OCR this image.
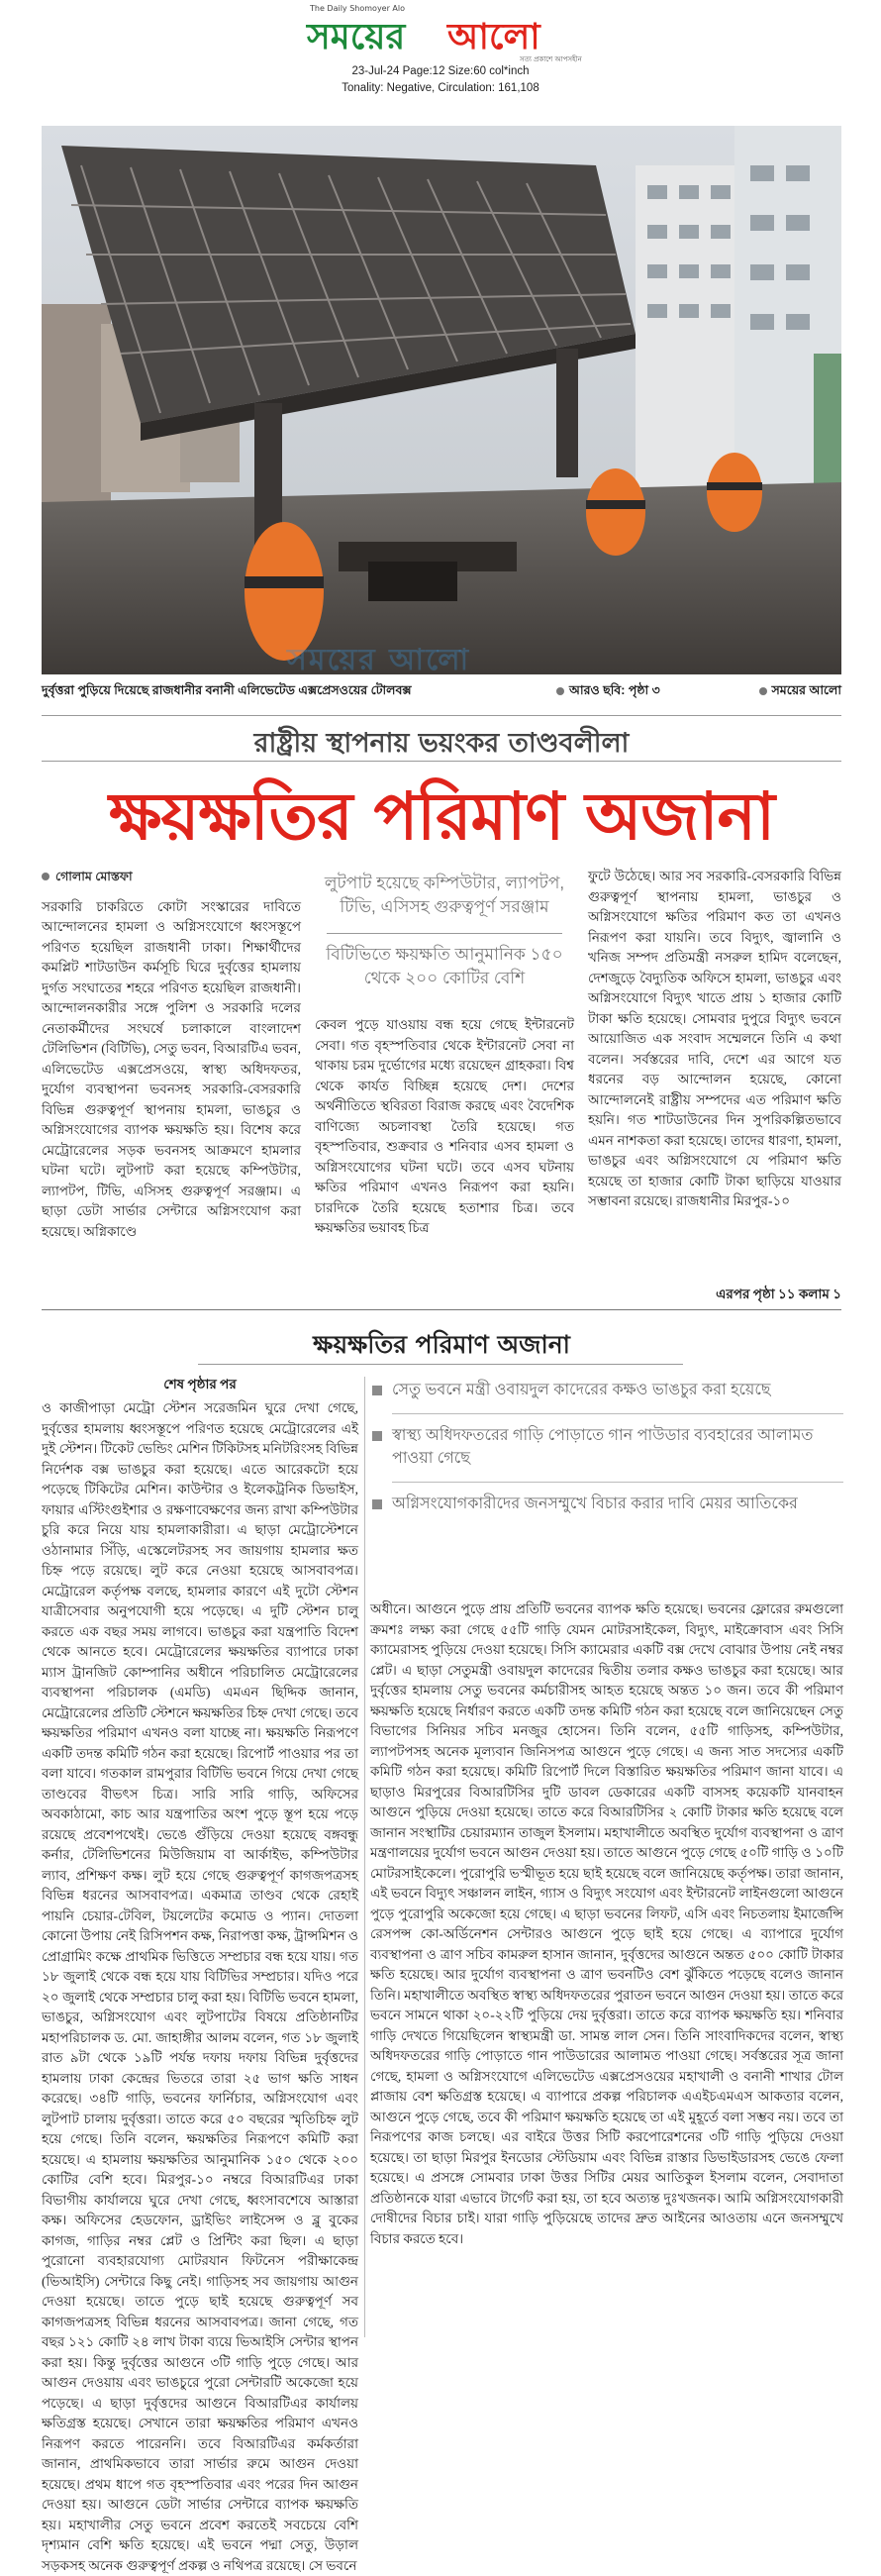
The Daily Shomoyer Alo
সময়ের আলো
সত্য প্রকাশে আপসহীন
23-Jul-24 Page:12 Size:60 col*inch
Tonality: Negative, Circulation: 161,108
সময়ের আলো
দুর্বৃত্তরা পুড়িয়ে দিয়েছে রাজধানীর বনানী এলিভেটেড এক্সপ্রেসওয়ের টোলবক্স	আরও ছবি: পৃষ্ঠা ৩	সময়ের আলো
রাষ্ট্রীয় স্থাপনায় ভয়ংকর তাণ্ডবলীলা
ক্ষয়ক্ষতির পরিমাণ অজানা
গোলাম মোস্তফা
সরকারি চাকরিতে কোটা সংস্কারের দাবিতে আন্দোলনের হামলা ও অগ্নিসংযোগে ধ্বংসস্তূপে পরিণত হয়েছিল রাজধানী ঢাকা। শিক্ষার্থীদের কমপ্লিট শাটডাউন কর্মসূচি ঘিরে দুর্বৃত্তের হামলায় দুর্গত সংঘাতের শহরে পরিণত হয়েছিল রাজধানী। আন্দোলনকারীর সঙ্গে পুলিশ ও সরকারি দলের নেতাকর্মীদের সংঘর্ষে চলাকালে বাংলাদেশ টেলিভিশন (বিটিভি), সেতু ভবন, বিআরটিএ ভবন, এলিভেটেড এক্সপ্রেসওয়ে, স্বাস্থ্য অধিদফতর, দুর্যোগ ব্যবস্থাপনা ভবনসহ সরকারি-বেসরকারি বিভিন্ন গুরুত্বপূর্ণ স্থাপনায় হামলা, ভাঙচুর ও অগ্নিসংযোগের ব্যাপক ক্ষয়ক্ষতি হয়। বিশেষ করে মেট্রোরেলের সড়ক ভবনসহ আক্রমণে হামলার ঘটনা ঘটে। লুটপাট করা হয়েছে কম্পিউটার, ল্যাপটপ, টিভি, এসিসহ গুরুত্বপূর্ণ সরঞ্জাম। এ ছাড়া ডেটা সার্ভার সেন্টারে অগ্নিসংযোগ করা হয়েছে। অগ্নিকাণ্ডে
লুটপাট হয়েছে কম্পিউটার, ল্যাপটপ, টিভি, এসিসহ গুরুত্বপূর্ণ সরঞ্জাম
বিটিভিতে ক্ষয়ক্ষতি আনুমানিক ১৫০ থেকে ২০০ কোটির বেশি
কেবল পুড়ে যাওয়ায় বন্ধ হয়ে গেছে ইন্টারনেট সেবা। গত বৃহস্পতিবার থেকে ইন্টারনেট সেবা না থাকায় চরম দুর্ভোগের মধ্যে রয়েছেন গ্রাহকরা। বিশ্ব থেকে কার্যত বিচ্ছিন্ন হয়েছে দেশ। দেশের অর্থনীতিতে স্থবিরতা বিরাজ করছে এবং বৈদেশিক বাণিজ্যে অচলাবস্থা তৈরি হয়েছে। গত বৃহস্পতিবার, শুক্রবার ও শনিবার এসব হামলা ও অগ্নিসংযোগের ঘটনা ঘটে। তবে এসব ঘটনায় ক্ষতির পরিমাণ এখনও নিরূপণ করা হয়নি। চারদিকে তৈরি হয়েছে হতাশার চিত্র। তবে ক্ষয়ক্ষতির ভয়াবহ চিত্র
ফুটে উঠেছে। আর সব সরকারি-বেসরকারি বিভিন্ন গুরুত্বপূর্ণ স্থাপনায় হামলা, ভাঙচুর ও অগ্নিসংযোগে ক্ষতির পরিমাণ কত তা এখনও নিরূপণ করা যায়নি। তবে বিদ্যুৎ, জ্বালানি ও খনিজ সম্পদ প্রতিমন্ত্রী নসরুল হামিদ বলেছেন, দেশজুড়ে বৈদ্যুতিক অফিসে হামলা, ভাঙচুর এবং অগ্নিসংযোগে বিদ্যুৎ খাতে প্রায় ১ হাজার কোটি টাকা ক্ষতি হয়েছে। সোমবার দুপুরে বিদ্যুৎ ভবনে আয়োজিত এক সংবাদ সম্মেলনে তিনি এ কথা বলেন। সর্বস্তরের দাবি, দেশে এর আগে যত ধরনের বড় আন্দোলন হয়েছে, কোনো আন্দোলনেই রাষ্ট্রীয় সম্পদের এত পরিমাণ ক্ষতি হয়নি। গত শাটডাউনের দিন সুপরিকল্পিতভাবে এমন নাশকতা করা হয়েছে। তাদের ধারণা, হামলা, ভাঙচুর এবং অগ্নিসংযোগে যে পরিমাণ ক্ষতি হয়েছে তা হাজার কোটি টাকা ছাড়িয়ে যাওয়ার সম্ভাবনা রয়েছে। রাজধানীর মিরপুর-১০
এরপর পৃষ্ঠা ১১ কলাম ১
ক্ষয়ক্ষতির পরিমাণ অজানা
শেষ পৃষ্ঠার পর
ও কাজীপাড়া মেট্রো স্টেশন সরেজমিন ঘুরে দেখা গেছে, দুর্বৃত্তের হামলায় ধ্বংসস্তূপে পরিণত হয়েছে মেট্রোরেলের এই দুই স্টেশন। টিকেট ভেন্ডিং মেশিন টিকিটসহ মনিটরিংসহ বিভিন্ন নির্দেশক বক্স ভাঙচুর করা হয়েছে। এতে আরেকটো হয়ে পড়েছে টিকিটের মেশিন। কাউন্টার ও ইলেকট্রনিক ডিভাইস, ফায়ার এস্টিংগুইশার ও রক্ষণাবেক্ষণের জন্য রাখা কম্পিউটার চুরি করে নিয়ে যায় হামলাকারীরা। এ ছাড়া মেট্রোস্টেশনে ওঠানামার সিঁড়ি, এস্কেলেটরসহ সব জায়গায় হামলার ক্ষত চিহ্ন পড়ে রয়েছে। লুট করে নেওয়া হয়েছে আসবাবপত্র। মেট্রোরেল কর্তৃপক্ষ বলছে, হামলার কারণে এই দুটো স্টেশন যাত্রীসেবার অনুপযোগী হয়ে পড়েছে। এ দুটি স্টেশন চালু করতে এক বছর সময় লাগবে। ভাঙচুর করা যন্ত্রপাতি বিদেশ থেকে আনতে হবে। মেট্রোরেলের ক্ষয়ক্ষতির ব্যাপারে ঢাকা ম্যাস ট্রানজিট কোম্পানির অধীনে পরিচালিত মেট্রোরেলের ব্যবস্থাপনা পরিচালক (এমডি) এমএন ছিদ্দিক জানান, মেট্রোরেলের প্রতিটি স্টেশনে ক্ষয়ক্ষতির চিহ্ন দেখা গেছে। তবে ক্ষয়ক্ষতির পরিমাণ এখনও বলা যাচ্ছে না। ক্ষয়ক্ষতি নিরূপণে একটি তদন্ত কমিটি গঠন করা হয়েছে। রিপোর্ট পাওয়ার পর তা বলা যাবে। গতকাল রামপুরার বিটিভি ভবনে গিয়ে দেখা গেছে তাণ্ডবের বীভৎস চিত্র। সারি সারি গাড়ি, অফিসের অবকাঠামো, কাচ আর যন্ত্রপাতির অংশ পুড়ে স্তূপ হয়ে পড়ে রয়েছে প্রবেশপথেই। ভেঙে গুঁড়িয়ে দেওয়া হয়েছে বঙ্গবন্ধু কর্নার, টেলিভিশনের মিউজিয়াম বা আর্কাইভ, কম্পিউটার ল্যাব, প্রশিক্ষণ কক্ষ। লুট হয়ে গেছে গুরুত্বপূর্ণ কাগজপত্রসহ বিভিন্ন ধরনের আসবাবপত্র। একমাত্র তাণ্ডব থেকে রেহাই পায়নি চেয়ার-টেবিল, টয়লেটের কমোড ও প্যান। দোতলা কোনো উপায় নেই রিসিপশন কক্ষ, নিরাপত্তা কক্ষ, ট্রান্সমিশন ও প্রোগ্রামিং কক্ষে প্রাথমিক ভিত্তিতে সম্প্রচার বন্ধ হয়ে যায়। গত ১৮ জুলাই থেকে বন্ধ হয়ে যায় বিটিভির সম্প্রচার। যদিও পরে ২০ জুলাই থেকে সম্প্রচার চালু করা হয়। বিটিভি ভবনে হামলা, ভাঙচুর, অগ্নিসংযোগ এবং লুটপাটের বিষয়ে প্রতিষ্ঠানটির মহাপরিচালক ড. মো. জাহাঙ্গীর আলম বলেন, গত ১৮ জুলাই রাত ৯টা থেকে ১৯টি পর্যন্ত দফায় দফায় বিভিন্ন দুর্বৃত্তদের হামলায় ঢাকা কেন্দ্রের ভিতরে তারা ২৫ ভাগ ক্ষতি সাধন করেছে। ৩৪টি গাড়ি, ভবনের ফার্নিচার, অগ্নিসংযোগ এবং লুটপাট চালায় দুর্বৃত্তরা। তাতে করে ৫০ বছরের স্মৃতিচিহ্ন লুট হয়ে গেছে। তিনি বলেন, ক্ষয়ক্ষতির নিরূপণে কমিটি করা হয়েছে। এ হামলায় ক্ষয়ক্ষতির আনুমানিক ১৫০ থেকে ২০০ কোটির বেশি হবে। মিরপুর-১০ নম্বরে বিআরটিএর ঢাকা বিভাগীয় কার্যালয়ে ঘুরে দেখা গেছে, ধ্বংসাবশেষে আস্তারা কক্ষ। অফিসের হেডফোন, ড্রাইভিং লাইসেন্স ও ব্লু বুকের কাগজ, গাড়ির নম্বর প্লেট ও প্রিন্টিং করা ছিল। এ ছাড়া পুরোনো ব্যবহারযোগ্য মোটরযান ফিটনেস পরীক্ষাকেন্দ্র (ভিআইসি) সেন্টারে কিছু নেই। গাড়িসহ সব জায়গায় আগুন দেওয়া হয়েছে। তাতে পুড়ে ছাই হয়েছে গুরুত্বপূর্ণ সব কাগজপত্রসহ বিভিন্ন ধরনের আসবাবপত্র। জানা গেছে, গত বছর ১২১ কোটি ২৪ লাখ টাকা ব্যয়ে ভিআইসি সেন্টার স্থাপন করা হয়। কিন্তু দুর্বৃত্তের আগুনে ৩টি গাড়ি পুড়ে গেছে। আর আগুন দেওয়ায় এবং ভাঙচুরে পুরো সেন্টারটি অকেজো হয়ে পড়েছে। এ ছাড়া দুর্বৃত্তদের আগুনে বিআরটিএর কার্যালয় ক্ষতিগ্রস্ত হয়েছে। সেখানে তারা ক্ষয়ক্ষতির পরিমাণ এখনও নিরূপণ করতে পারেননি। তবে বিআরটিএর কর্মকর্তারা জানান, প্রাথমিকভাবে তারা সার্ভার রুমে আগুন দেওয়া হয়েছে। প্রথম ধাপে গত বৃহস্পতিবার এবং পরের দিন আগুন দেওয়া হয়। আগুনে ডেটা সার্ভার সেন্টারে ব্যাপক ক্ষয়ক্ষতি হয়। মহাখালীর সেতু ভবনে প্রবেশ করতেই সবচেয়ে বেশি দৃশ্যমান বেশি ক্ষতি হয়েছে। এই ভবনে পদ্মা সেতু, উড়াল সড়কসহ অনেক গুরুত্বপূর্ণ প্রকল্প ও নথিপত্র রয়েছে। সে ভবনে
সেতু ভবনে মন্ত্রী ওবায়দুল কাদেরের কক্ষও ভাঙচুর করা হয়েছে
স্বাস্থ্য অধিদফতরের গাড়ি পোড়াতে গান পাউডার ব্যবহারের আলামত পাওয়া গেছে
অগ্নিসংযোগকারীদের জনসম্মুখে বিচার করার দাবি মেয়র আতিকের
অধীনে। আগুনে পুড়ে প্রায় প্রতিটি ভবনের ব্যাপক ক্ষতি হয়েছে। ভবনের ফ্লোরের রুমগুলো ক্রমশঃ লক্ষ্য করা গেছে ৫৫টি গাড়ি যেমন মোটরসাইকেল, বিদ্যুৎ, মাইক্রোবাস এবং সিসি ক্যামেরাসহ পুড়িয়ে দেওয়া হয়েছে। সিসি ক্যামেরার একটি বক্স দেখে বোঝার উপায় নেই নম্বর প্লেট। এ ছাড়া সেতুমন্ত্রী ওবায়দুল কাদেরের দ্বিতীয় তলার কক্ষও ভাঙচুর করা হয়েছে। আর দুর্বৃত্তের হামলায় সেতু ভবনের কর্মচারীসহ আহত হয়েছে অন্তত ১০ জন। তবে কী পরিমাণ ক্ষয়ক্ষতি হয়েছে নির্ধারণ করতে একটি তদন্ত কমিটি গঠন করা হয়েছে বলে জানিয়েছেন সেতু বিভাগের সিনিয়র সচিব মনজুর হোসেন। তিনি বলেন, ৫৫টি গাড়িসহ, কম্পিউটার, ল্যাপটপসহ অনেক মূল্যবান জিনিসপত্র আগুনে পুড়ে গেছে। এ জন্য সাত সদস্যের একটি কমিটি গঠন করা হয়েছে। কমিটি রিপোর্ট দিলে বিস্তারিত ক্ষয়ক্ষতির পরিমাণ জানা যাবে। এ ছাড়াও মিরপুরের বিআরটিসির দুটি ডাবল ডেকারের একটি বাসসহ কয়েকটি যানবাহন আগুনে পুড়িয়ে দেওয়া হয়েছে। তাতে করে বিআরটিসির ২ কোটি টাকার ক্ষতি হয়েছে বলে জানান সংস্থাটির চেয়ারম্যান তাজুল ইসলাম। মহাখালীতে অবস্থিত দুর্যোগ ব্যবস্থাপনা ও ত্রাণ মন্ত্রণালয়ের দুর্যোগ ভবনে আগুন দেওয়া হয়। তাতে আগুনে পুড়ে গেছে ৫০টি গাড়ি ও ১০টি মোটরসাইকেলে। পুরোপুরি ভস্মীভূত হয়ে ছাই হয়েছে বলে জানিয়েছে কর্তৃপক্ষ। তারা জানান, এই ভবনে বিদ্যুৎ সঞ্চালন লাইন, গ্যাস ও বিদ্যুৎ সংযোগ এবং ইন্টারনেট লাইনগুলো আগুনে পুড়ে পুরোপুরি অকেজো হয়ে গেছে। এ ছাড়া ভবনের লিফট, এসি এবং নিচতলায় ইমার্জেন্সি রেসপন্স কো-অর্ডিনেশন সেন্টারও আগুনে পুড়ে ছাই হয়ে গেছে। এ ব্যাপারে দুর্যোগ ব্যবস্থাপনা ও ত্রাণ সচিব কামরুল হাসান জানান, দুর্বৃত্তদের আগুনে অন্তত ৫০০ কোটি টাকার ক্ষতি হয়েছে। আর দুর্যোগ ব্যবস্থাপনা ও ত্রাণ ভবনটিও বেশ ঝুঁকিতে পড়েছে বলেও জানান তিনি। মহাখালীতে অবস্থিত স্বাস্থ্য অধিদফতরের পুরাতন ভবনে আগুন দেওয়া হয়। তাতে করে ভবনে সামনে থাকা ২০-২২টি পুড়িয়ে দেয় দুর্বৃত্তরা। তাতে করে ব্যাপক ক্ষয়ক্ষতি হয়। শনিবার গাড়ি দেখতে গিয়েছিলেন স্বাস্থ্যমন্ত্রী ডা. সামন্ত লাল সেন। তিনি সাংবাদিকদের বলেন, স্বাস্থ্য অধিদফতরের গাড়ি পোড়াতে গান পাউডারের আলামত পাওয়া গেছে। সর্বস্তরের সূত্র জানা গেছে, হামলা ও অগ্নিসংযোগে এলিভেটেড এক্সপ্রেসওয়ের মহাখালী ও বনানী শাখার টোল প্লাজায় বেশ ক্ষতিগ্রস্ত হয়েছে। এ ব্যাপারে প্রকল্প পরিচালক এএইচএমএস আকতার বলেন, আগুনে পুড়ে গেছে, তবে কী পরিমাণ ক্ষয়ক্ষতি হয়েছে তা এই মুহূর্তে বলা সম্ভব নয়। তবে তা নিরূপণের কাজ চলছে। এর বাইরে উত্তর সিটি করপোরেশনের ৩টি গাড়ি পুড়িয়ে দেওয়া হয়েছে। তা ছাড়া মিরপুর ইনডোর স্টেডিয়াম এবং বিভিন্ন রাস্তার ডিভাইডারসহ ভেঙে ফেলা হয়েছে। এ প্রসঙ্গে সোমবার ঢাকা উত্তর সিটির মেয়র আতিকুল ইসলাম বলেন, সেবাদাতা প্রতিষ্ঠানকে যারা এভাবে টার্গেট করা হয়, তা হবে অত্যন্ত দুঃখজনক। আমি অগ্নিসংযোগকারী দোষীদের বিচার চাই। যারা গাড়ি পুড়িয়েছে তাদের দ্রুত আইনের আওতায় এনে জনসম্মুখে বিচার করতে হবে।
